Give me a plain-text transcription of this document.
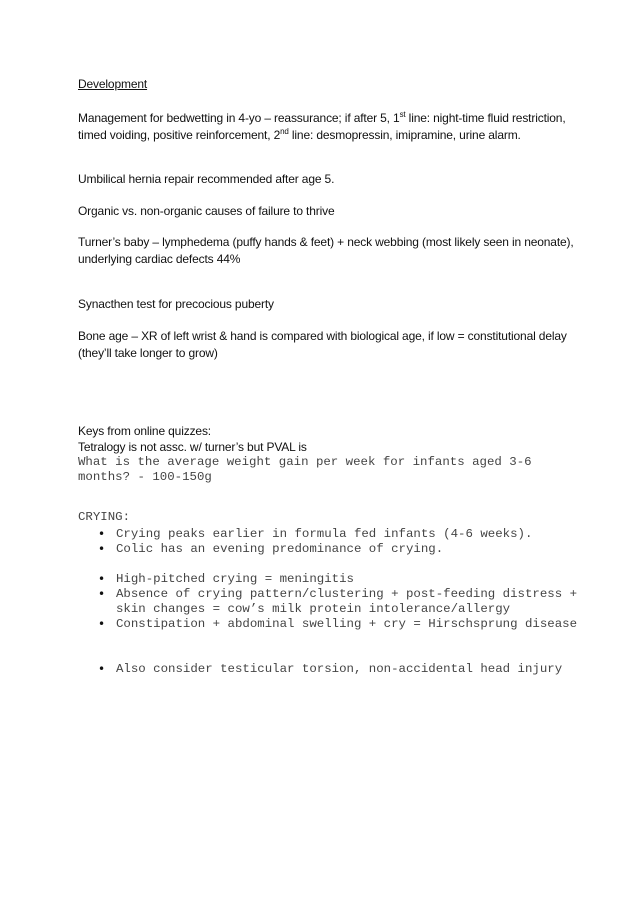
Development

Management for bedwetting in 4-yo – reassurance; if after 5, 1st line: night-time fluid restriction, timed voiding, positive reinforcement, 2nd line: desmopressin, imipramine, urine alarm.

Umbilical hernia repair recommended after age 5.

Organic vs. non-organic causes of failure to thrive

Turner’s baby – lymphedema (puffy hands & feet) + neck webbing (most likely seen in neonate), underlying cardiac defects 44%

Synacthen test for precocious puberty

Bone age – XR of left wrist & hand is compared with biological age, if low = constitutional delay (they’ll take longer to grow)

Keys from online quizzes:

Tetralogy is not assc. w/ turner’s but PVAL is

What is the average weight gain per week for infants aged 3-6 months? - 100-150g

CRYING:

• Crying peaks earlier in formula fed infants (4-6 weeks).
• Colic has an evening predominance of crying.
• High-pitched crying = meningitis
• Absence of crying pattern/clustering + post-feeding distress + skin changes = cow’s milk protein intolerance/allergy
• Constipation + abdominal swelling + cry = Hirschsprung disease
• Also consider testicular torsion, non-accidental head injury
